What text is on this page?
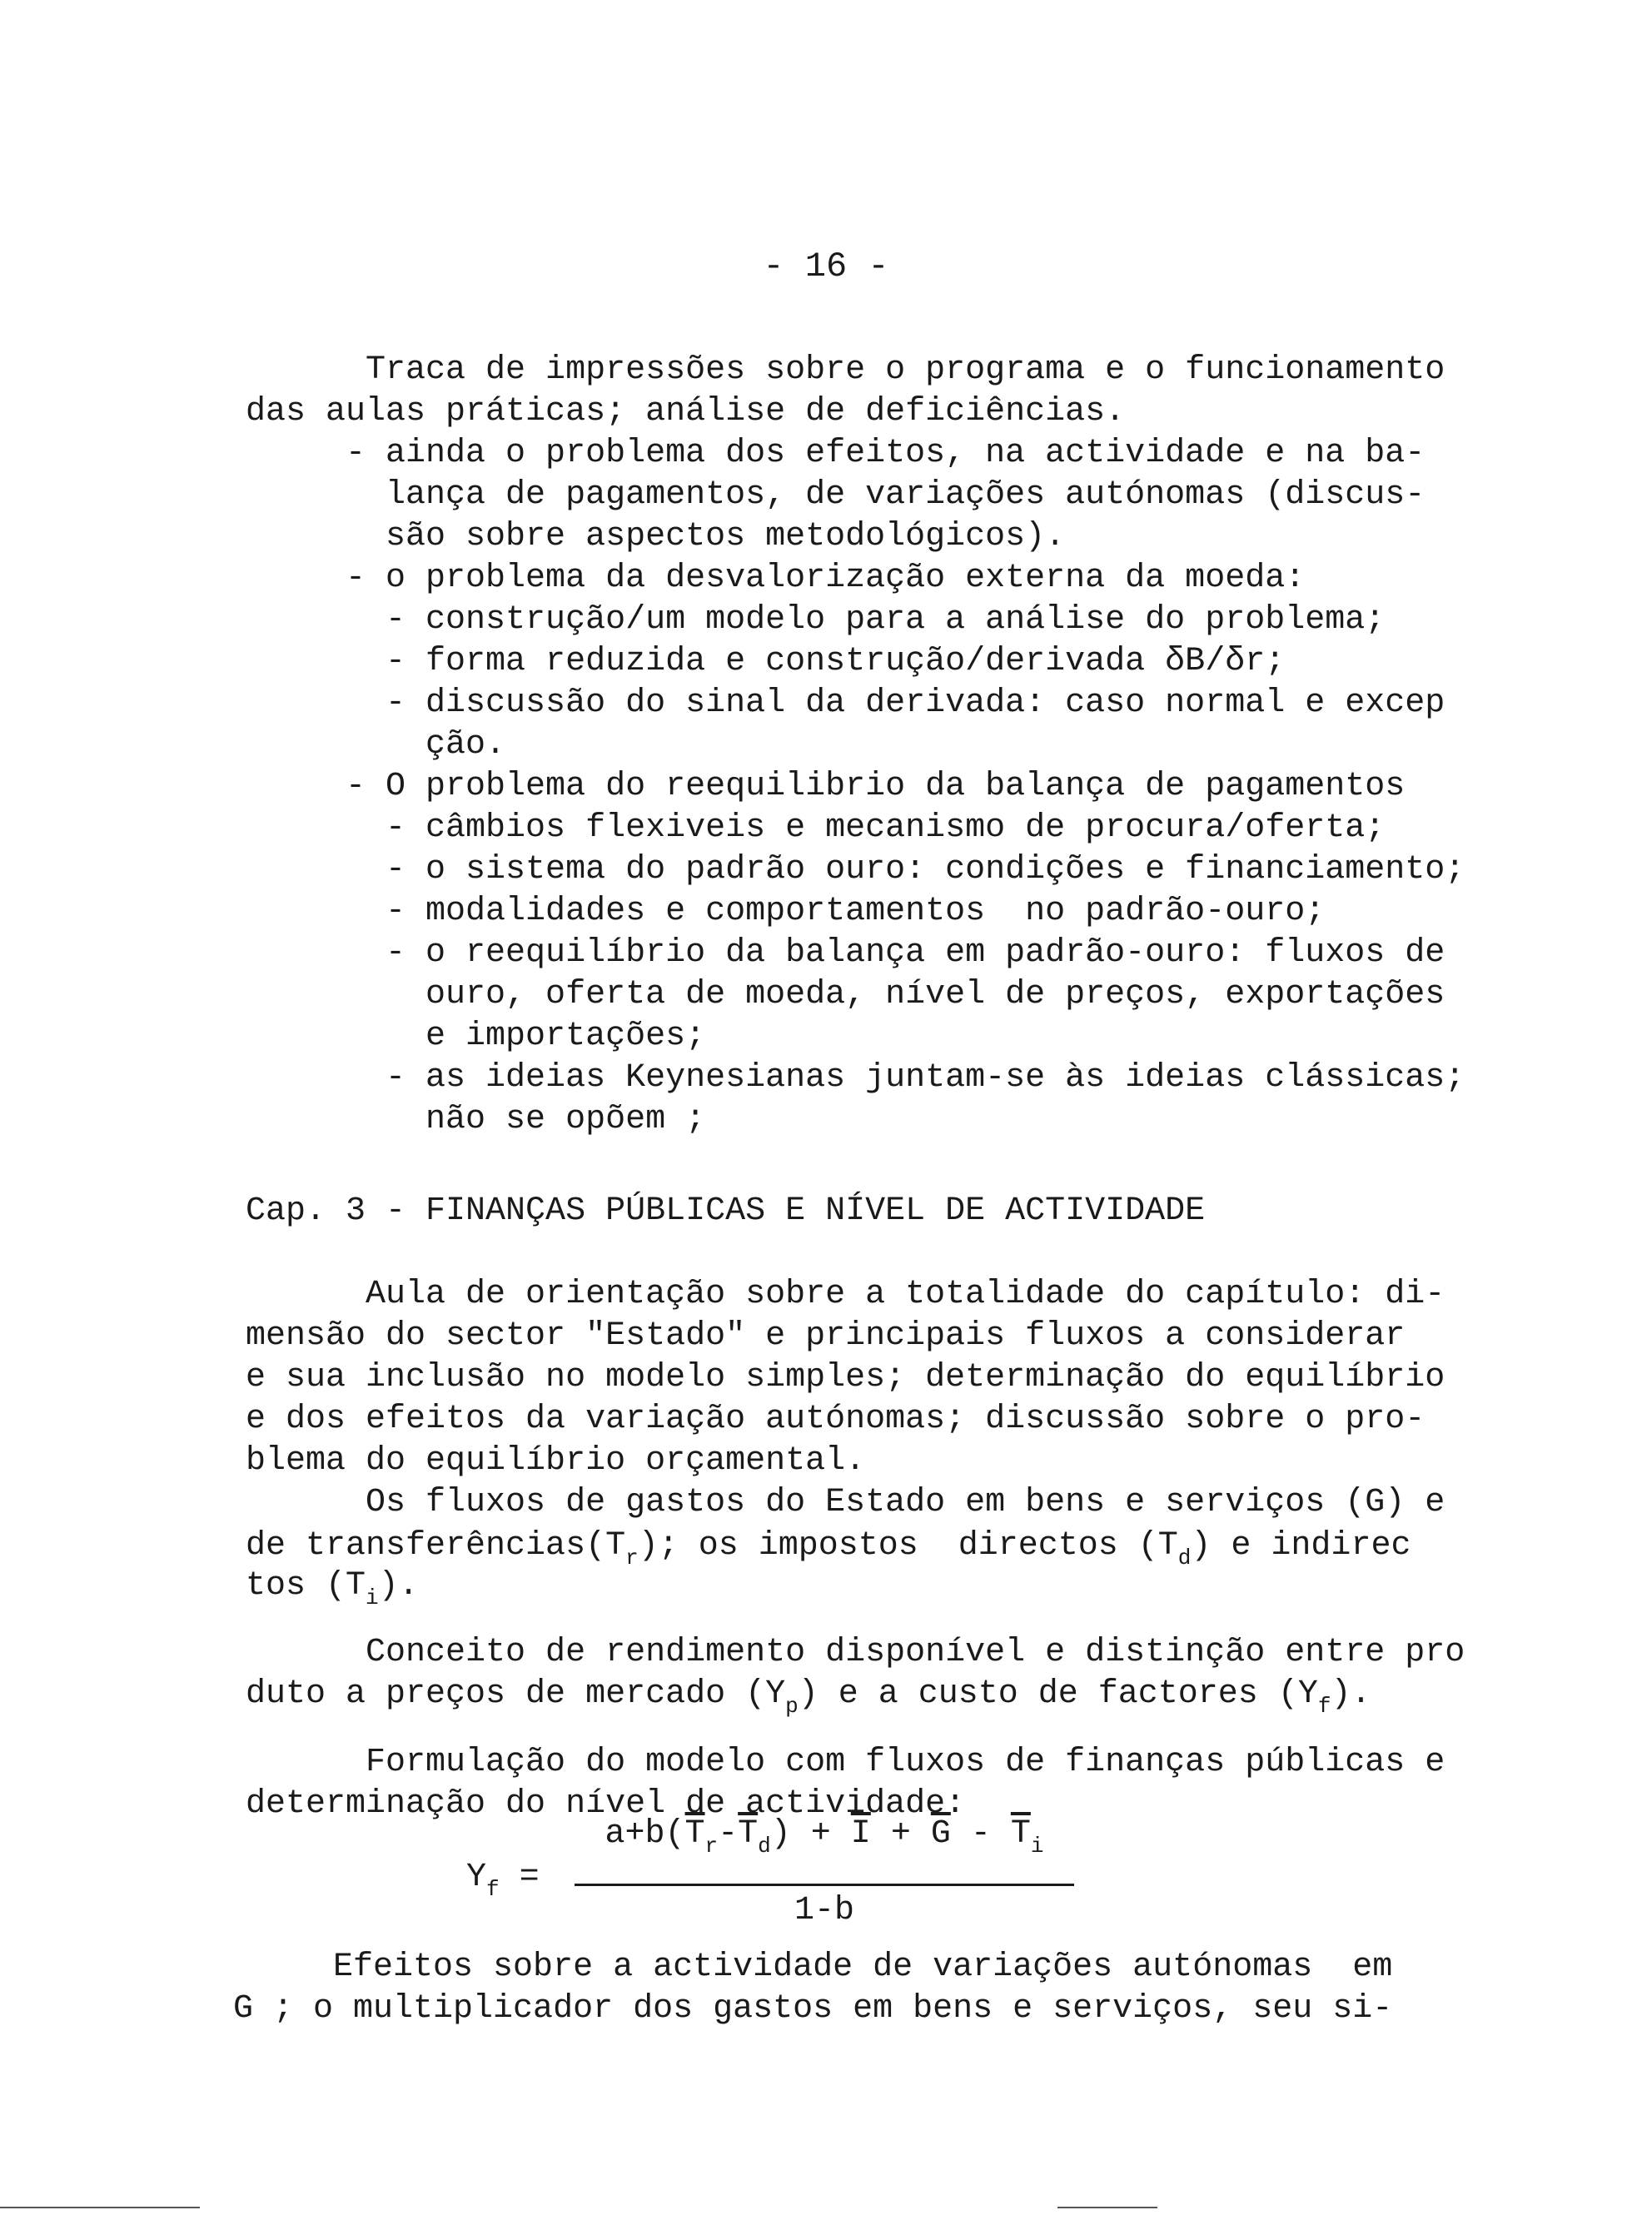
- 16 -
Traca de impressões sobre o programa e o funcionamento
das aulas práticas; análise de deficiências.
- ainda o problema dos efeitos, na actividade e na ba-
lança de pagamentos, de variações autónomas (discus-
são sobre aspectos metodológicos).
- o problema da desvalorização externa da moeda:
- construção/um modelo para a análise do problema;
- forma reduzida e construção/derivada δB/δr;
- discussão do sinal da derivada: caso normal e excep
ção.
- O problema do reequilibrio da balança de pagamentos
- câmbios flexiveis e mecanismo de procura/oferta;
- o sistema do padrão ouro: condições e financiamento;
- modalidades e comportamentos  no padrão-ouro;
- o reequilíbrio da balança em padrão-ouro: fluxos de
ouro, oferta de moeda, nível de preços, exportações
e importações;
- as ideias Keynesianas juntam-se às ideias clássicas;
não se opõem ;
Cap. 3 - FINANÇAS PÚBLICAS E NÍVEL DE ACTIVIDADE
Aula de orientação sobre a totalidade do capítulo: di-
mensão do sector "Estado" e principais fluxos a considerar
e sua inclusão no modelo simples; determinação do equilíbrio
e dos efeitos da variação autónomas; discussão sobre o pro-
blema do equilíbrio orçamental.
Os fluxos de gastos do Estado em bens e serviços (G) e
de $transferências(T_r)$; os impostos  directos $(T_d)$ e indirec
tos $(T_i)$.
Conceito de rendimento disponível e distinção entre pro
duto a preços de mercado $(Y_p)$ e a custo de factores $(Y_f)$.
Formulação do modelo com fluxos de finanças públicas e
determinação do nível de actividade:
$Y_f$ =
$a+b(\overline{T}_r-\overline{T}_d) + \overline{I} + \overline{G} - \overline{T}_i$
1-b
Efeitos sobre a actividade de variações autónomas  em
G ; o multiplicador dos gastos em bens e serviços, seu si-
